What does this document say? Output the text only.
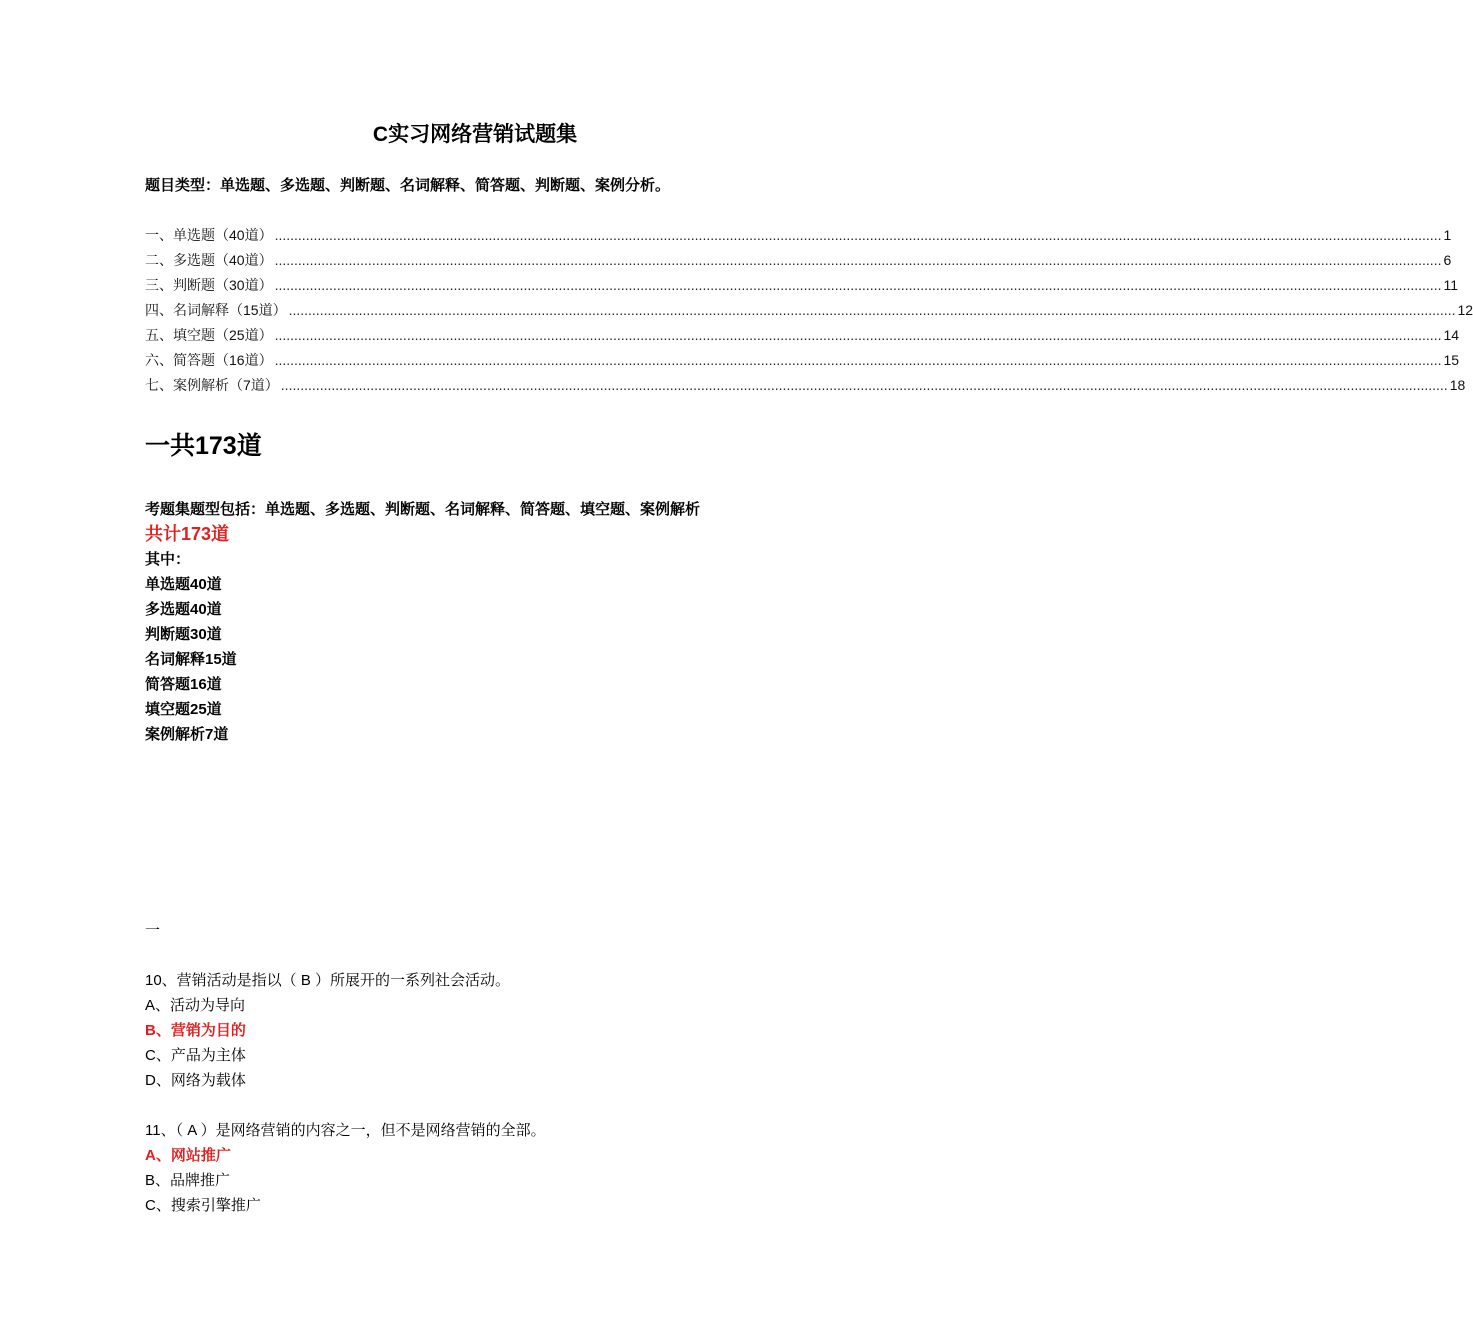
C实习网络营销试题集
题目类型：单选题、多选题、判断题、名词解释、简答题、判断题、案例分析。
一、单选题（40道） ............................................................................................................................................................................................................................................................................................................ 1
二、多选题（40道） ............................................................................................................................................................................................................................................................................................................ 6
三、判断题（30道） ............................................................................................................................................................................................................................................................................................................ 11
四、名词解释（15道） ............................................................................................................................................................................................................................................................................................................ 12
五、填空题（25道） ............................................................................................................................................................................................................................................................................................................ 14
六、简答题（16道） ............................................................................................................................................................................................................................................................................................................ 15
七、案例解析（7道） ............................................................................................................................................................................................................................................................................................................ 18
一共173道
考题集题型包括：单选题、多选题、判断题、名词解释、简答题、填空题、案例解析
共计173道
其中：
单选题40道
多选题40道
判断题30道
名词解释15道
简答题16道
填空题25道
案例解析7道
一
10、营销活动是指以（ B ）所展开的一系列社会活动。
A、活动为导向
B、营销为目的
C、产品为主体
D、网络为载体
11、（ A ）是网络营销的内容之一，但不是网络营销的全部。
A、网站推广
B、品牌推广
C、搜索引擎推广
